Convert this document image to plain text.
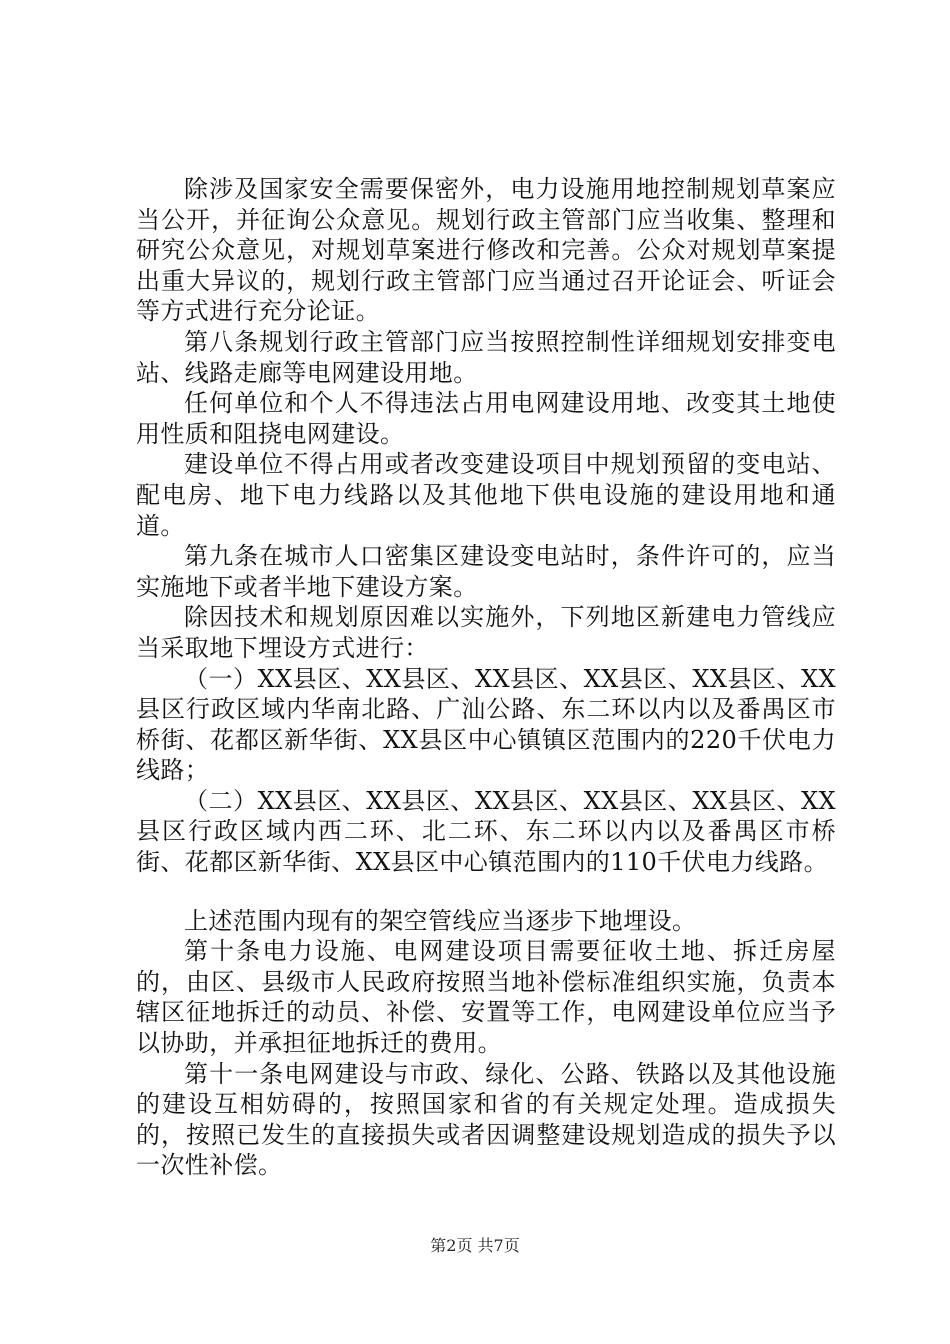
除涉及国家安全需要保密外，电力设施用地控制规划草案应当公开，并征询公众意见。规划行政主管部门应当收集、整理和研究公众意见，对规划草案进行修改和完善。公众对规划草案提出重大异议的，规划行政主管部门应当通过召开论证会、听证会等方式进行充分论证。

第八条规划行政主管部门应当按照控制性详细规划安排变电站、线路走廊等电网建设用地。

任何单位和个人不得违法占用电网建设用地、改变其土地使用性质和阻挠电网建设。

建设单位不得占用或者改变建设项目中规划预留的变电站、配电房、地下电力线路以及其他地下供电设施的建设用地和通道。

第九条在城市人口密集区建设变电站时，条件许可的，应当实施地下或者半地下建设方案。

除因技术和规划原因难以实施外，下列地区新建电力管线应当采取地下埋设方式进行：

（一）XX县区、XX县区、XX县区、XX县区、XX县区、XX县区行政区域内华南北路、广汕公路、东二环以内以及番禺区市桥街、花都区新华街、XX县区中心镇镇区范围内的220千伏电力线路；

（二）XX县区、XX县区、XX县区、XX县区、XX县区、XX县区行政区域内西二环、北二环、东二环以内以及番禺区市桥街、花都区新华街、XX县区中心镇范围内的110千伏电力线路。

上述范围内现有的架空管线应当逐步下地埋设。

第十条电力设施、电网建设项目需要征收土地、拆迁房屋的，由区、县级市人民政府按照当地补偿标准组织实施，负责本辖区征地拆迁的动员、补偿、安置等工作，电网建设单位应当予以协助，并承担征地拆迁的费用。

第十一条电网建设与市政、绿化、公路、铁路以及其他设施的建设互相妨碍的，按照国家和省的有关规定处理。造成损失的，按照已发生的直接损失或者因调整建设规划造成的损失予以一次性补偿。

第2页 共7页
